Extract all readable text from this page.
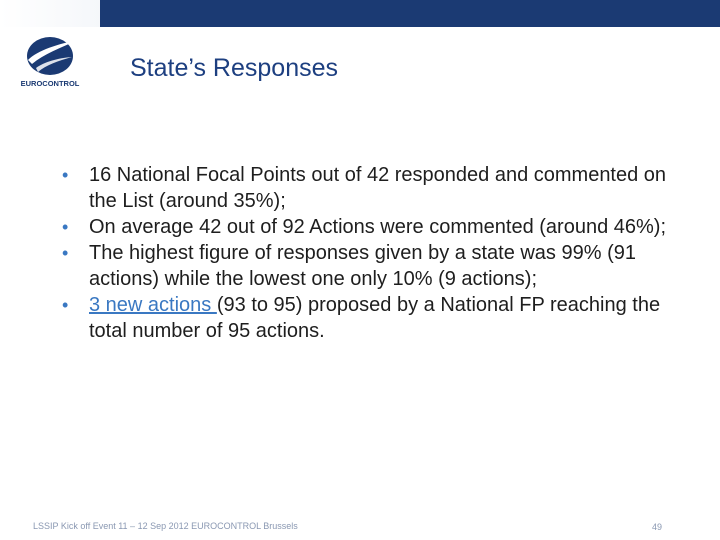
EUROCONTROL
State’s Responses

• 16 National Focal Points out of 42 responded and commented on the List (around 35%);

• On average 42 out of 92 Actions were commented (around 46%);

• The highest figure of responses given by a state was 99% (91 actions) while the lowest one only 10% (9 actions);

• 3 new actions (93 to 95) proposed by a National FP reaching the total number of 95 actions.

LSSIP Kick off Event 11 – 12 Sep 2012 EUROCONTROL Brussels	49
